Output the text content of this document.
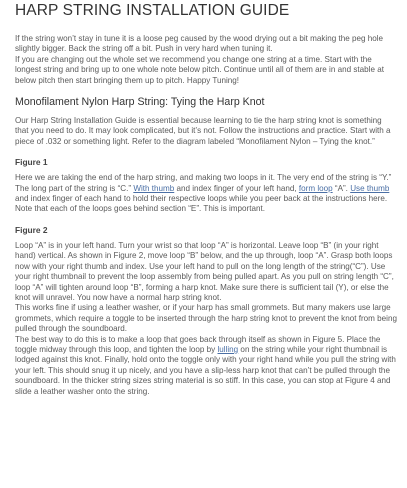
HARP STRING INSTALLATION GUIDE

If the string won’t stay in tune it is a loose peg caused by the wood drying out a bit making the peg hole slightly bigger. Back the string off a bit. Push in very hard when tuning it.

If you are changing out the whole set we recommend you change one string at a time. Start with the longest string and bring up to one whole note below pitch. Continue until all of them are in and stable at below pitch then start bringing them up to pitch. Happy Tuning!

Monofilament Nylon Harp String: Tying the Harp Knot

Our Harp String Installation Guide is essential because learning to tie the harp string knot is something that you need to do. It may look complicated, but it’s not. Follow the instructions and practice. Start with a piece of .032 or something light. Refer to the diagram labeled “Monofilament Nylon – Tying the knot.”

Figure 1

Here we are taking the end of the harp string, and making two loops in it. The very end of the string is “Y.” The long part of the string is “C.” With thumb and index finger of your left hand, form loop “A”. Use thumb and index finger of each hand to hold their respective loops while you peer back at the instructions here. Note that each of the loops goes behind section “E”. This is important.

Figure 2

Loop “A” is in your left hand. Turn your wrist so that loop “A” is horizontal. Leave loop “B” (in your right hand) vertical. As shown in Figure 2, move loop “B” below, and the up through, loop “A”. Grasp both loops now with your right thumb and index. Use your left hand to pull on the long length of the string(“C”). Use your right thumbnail to prevent the loop assembly from being pulled apart. As you pull on string length “C”, loop “A” will tighten around loop “B”, forming a harp knot. Make sure there is sufficient tail (Y), or else the knot will unravel. You now have a normal harp string knot.

This works fine if using a leather washer, or if your harp has small grommets. But many makers use large grommets, which require a toggle to be inserted through the harp string knot to prevent the knot from being pulled through the soundboard.

The best way to do this is to make a loop that goes back through itself as shown in Figure 5. Place the toggle midway through this loop, and tighten the loop by lulling on the string while your right thumbnail is lodged against this knot. Finally, hold onto the toggle only with your right hand while you pull the string with your left. This should snug it up nicely, and you have a slip-less harp knot that can’t be pulled through the soundboard. In the thicker string sizes string material is so stiff. In this case, you can stop at Figure 4 and slide a leather washer onto the string.
